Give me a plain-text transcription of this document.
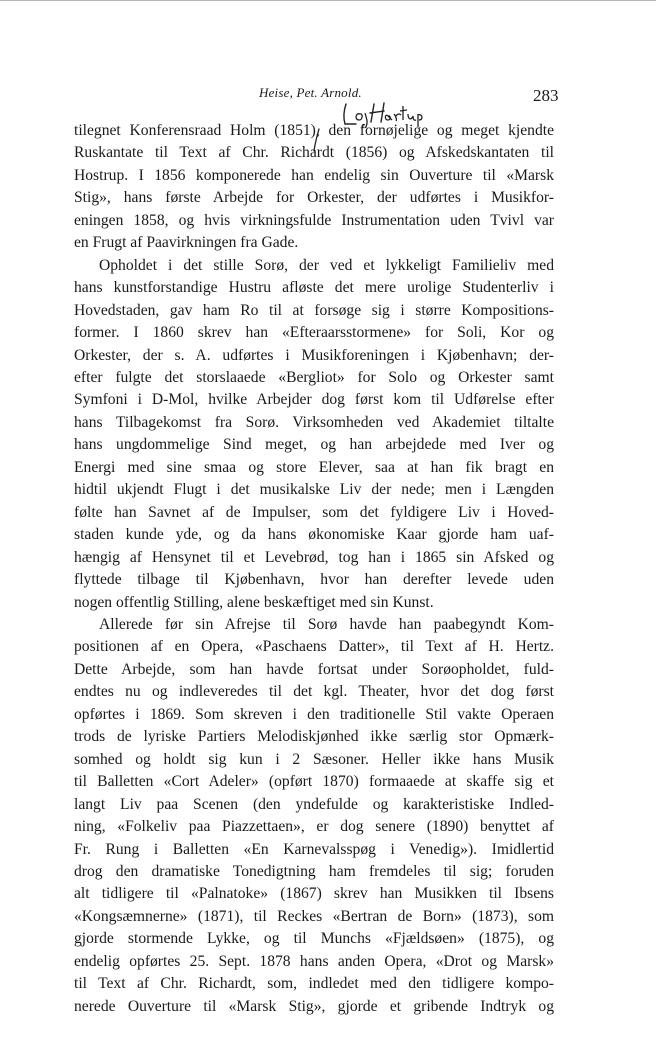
Heise, Pet. Arnold.	283
tilegnet Konferensraad Holm (1851), den fornøjelige og meget kjendte
Ruskantate til Text af Chr. Richardt (1856) og Afskedskantaten til
Hostrup. I 1856 komponerede han endelig sin Ouverture til «Marsk
Stig», hans første Arbejde for Orkester, der udførtes i Musikfor-
eningen 1858, og hvis virkningsfulde Instrumentation uden Tvivl var
en Frugt af Paavirkningen fra Gade.
Opholdet i det stille Sorø, der ved et lykkeligt Familieliv med
hans kunstforstandige Hustru afløste det mere urolige Studenterliv i
Hovedstaden, gav ham Ro til at forsøge sig i større Kompositions-
former. I 1860 skrev han «Efteraarsstormene» for Soli, Kor og
Orkester, der s. A. udførtes i Musikforeningen i Kjøbenhavn; der-
efter fulgte det storslaaede «Bergliot» for Solo og Orkester samt
Symfoni i D-Mol, hvilke Arbejder dog først kom til Udførelse efter
hans Tilbagekomst fra Sorø. Virksomheden ved Akademiet tiltalte
hans ungdommelige Sind meget, og han arbejdede med Iver og
Energi med sine smaa og store Elever, saa at han fik bragt en
hidtil ukjendt Flugt i det musikalske Liv der nede; men i Længden
følte han Savnet af de Impulser, som det fyldigere Liv i Hoved-
staden kunde yde, og da hans økonomiske Kaar gjorde ham uaf-
hængig af Hensynet til et Levebrød, tog han i 1865 sin Afsked og
flyttede tilbage til Kjøbenhavn, hvor han derefter levede uden
nogen offentlig Stilling, alene beskæftiget med sin Kunst.
Allerede før sin Afrejse til Sorø havde han paabegyndt Kom-
positionen af en Opera, «Paschaens Datter», til Text af H. Hertz.
Dette Arbejde, som han havde fortsat under Sorøopholdet, fuld-
endtes nu og indleveredes til det kgl. Theater, hvor det dog først
opførtes i 1869. Som skreven i den traditionelle Stil vakte Operaen
trods de lyriske Partiers Melodiskjønhed ikke særlig stor Opmærk-
somhed og holdt sig kun i 2 Sæsoner. Heller ikke hans Musik
til Balletten «Cort Adeler» (opført 1870) formaaede at skaffe sig et
langt Liv paa Scenen (den yndefulde og karakteristiske Indled-
ning, «Folkeliv paa Piazzettaen», er dog senere (1890) benyttet af
Fr. Rung i Balletten «En Karnevalsspøg i Venedig»). Imidlertid
drog den dramatiske Tonedigtning ham fremdeles til sig; foruden
alt tidligere til «Palnatoke» (1867) skrev han Musikken til Ibsens
«Kongsæmnerne» (1871), til Reckes «Bertran de Born» (1873), som
gjorde stormende Lykke, og til Munchs «Fjældsøen» (1875), og
endelig opførtes 25. Sept. 1878 hans anden Opera, «Drot og Marsk»
til Text af Chr. Richardt, som, indledet med den tidligere kompo-
nerede Ouverture til «Marsk Stig», gjorde et gribende Indtryk og
